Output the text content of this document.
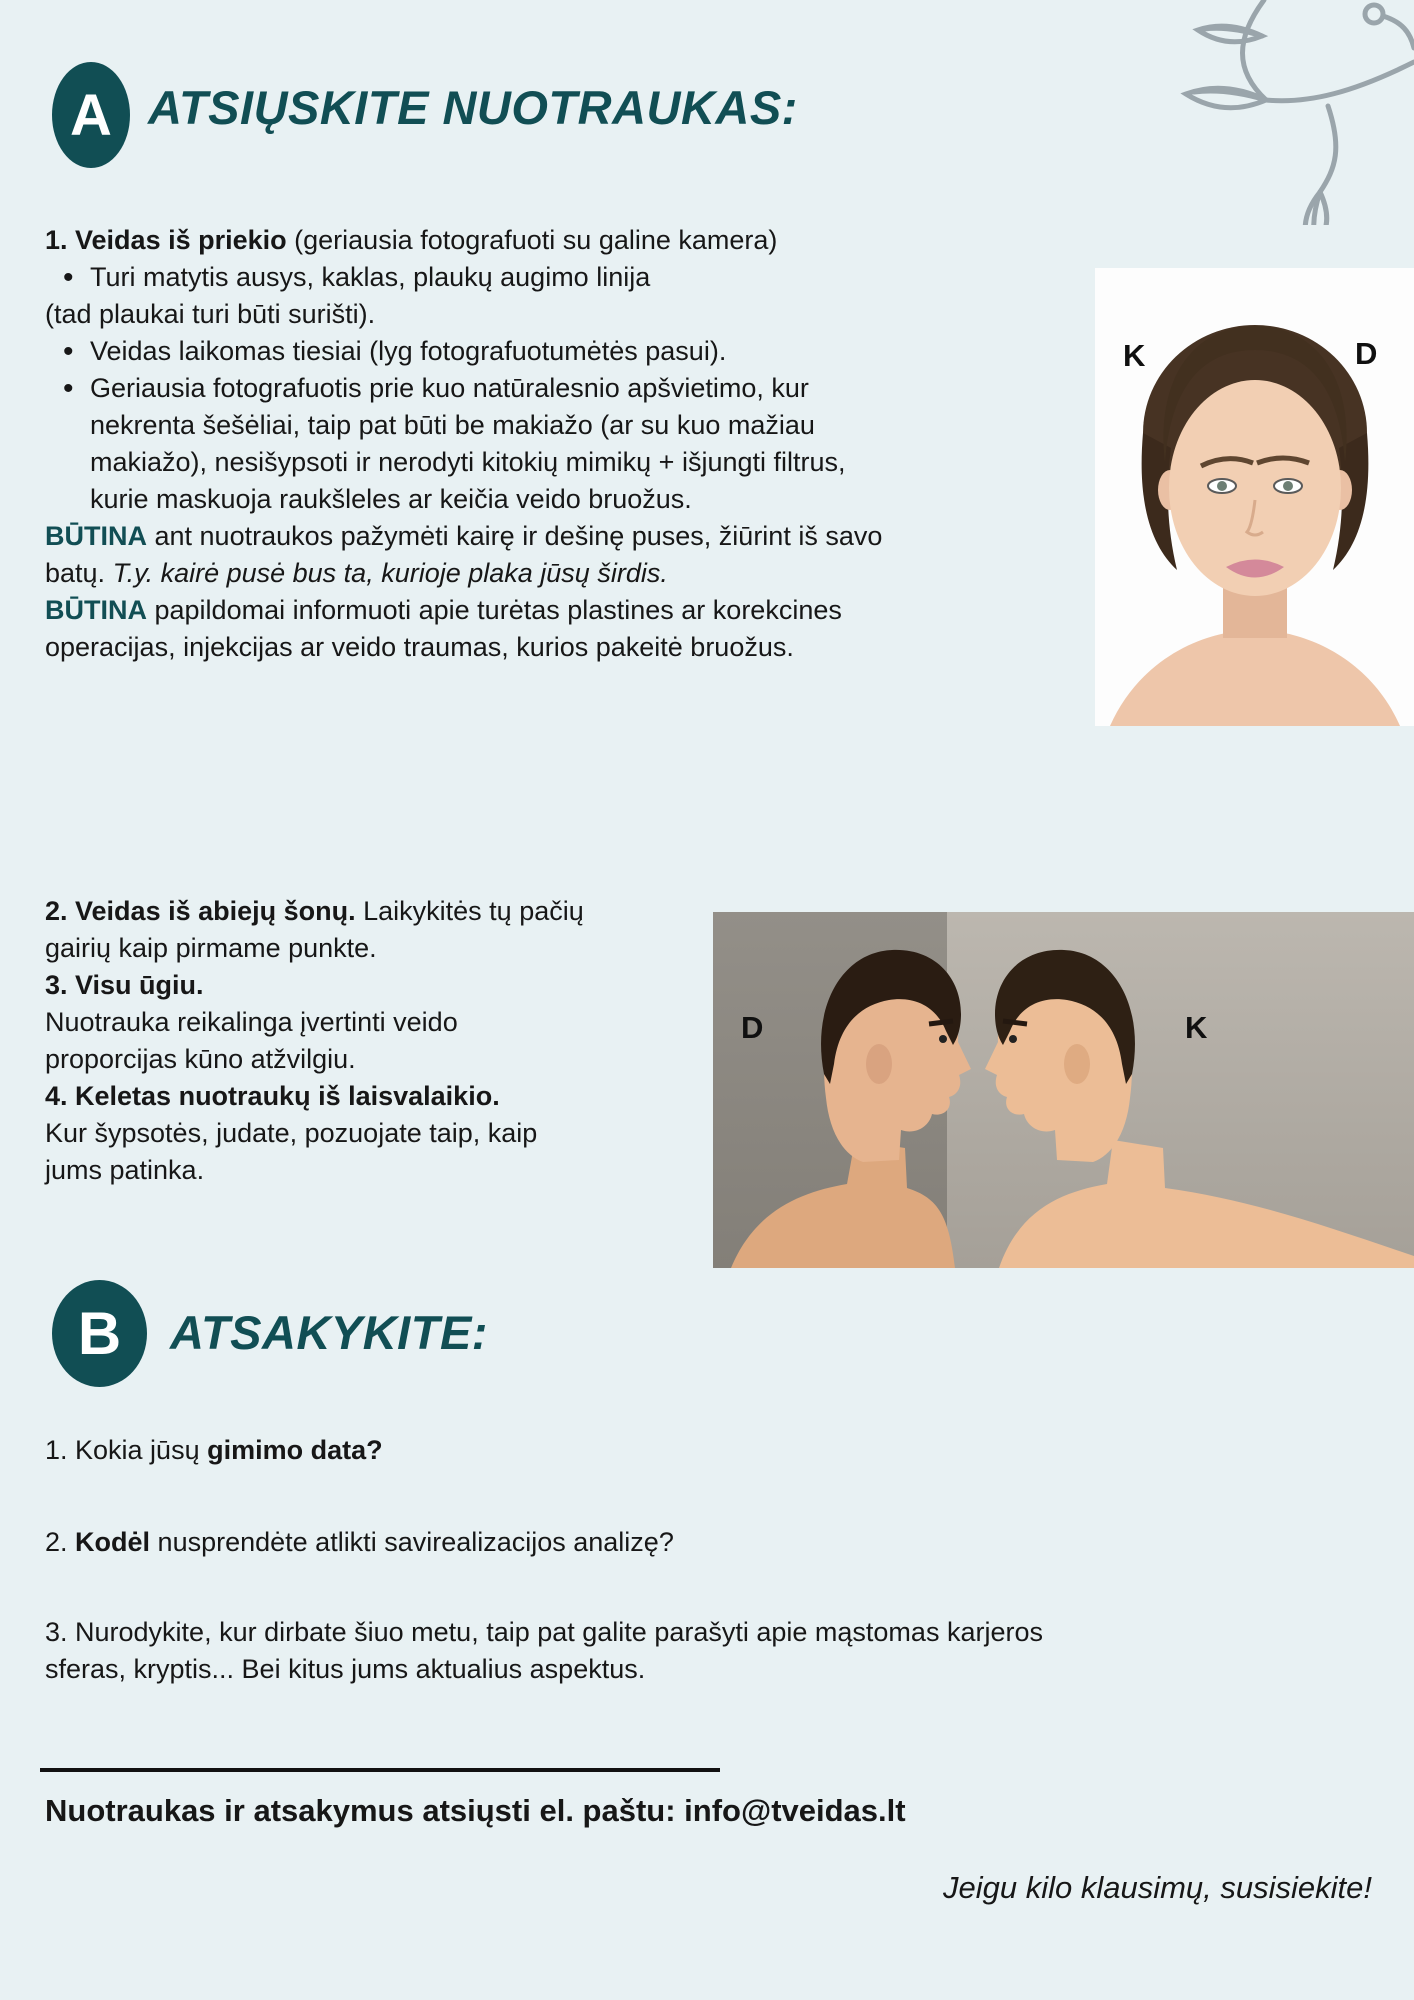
A ATSIŲSKITE NUOTRAUKAS:
1. Veidas iš priekio (geriausia fotografuoti su galine kamera)
• Turi matytis ausys, kaklas, plaukų augimo linija
(tad plaukai turi būti surišti).
• Veidas laikomas tiesiai (lyg fotografuotumėtės pasui).
• Geriausia fotografuotis prie kuo natūralesnio apšvietimo, kur nekrenta šešėliai, taip pat būti be makiažo (ar su kuo mažiau makiažo), nesišypsoti ir nerodyti kitokių mimikų + išjungti filtrus, kurie maskuoja raukšleles ar keičia veido bruožus.
BŪTINA ant nuotraukos pažymėti kairę ir dešinę puses, žiūrint iš savo batų. T.y. kairė pusė bus ta, kurioje plaka jūsų širdis.
BŪTINA papildomai informuoti apie turėtas plastines ar korekcines operacijas, injekcijas ar veido traumas, kurios pakeitė bruožus.
K	D
2. Veidas iš abiejų šonų. Laikykitės tų pačių gairių kaip pirmame punkte.
3. Visu ūgiu.
Nuotrauka reikalinga įvertinti veido proporcijas kūno atžvilgiu.
4. Keletas nuotraukų iš laisvalaikio.
Kur šypsotės, judate, pozuojate taip, kaip jums patinka.
D	K
B ATSAKYKITE:
1. Kokia jūsų gimimo data?
2. Kodėl nusprendėte atlikti savirealizacijos analizę?
3. Nurodykite, kur dirbate šiuo metu, taip pat galite parašyti apie mąstomas karjeros sferas, kryptis... Bei kitus jums aktualius aspektus.
Nuotraukas ir atsakymus atsiųsti el. paštu: info@tveidas.lt
Jeigu kilo klausimų, susisiekite!
